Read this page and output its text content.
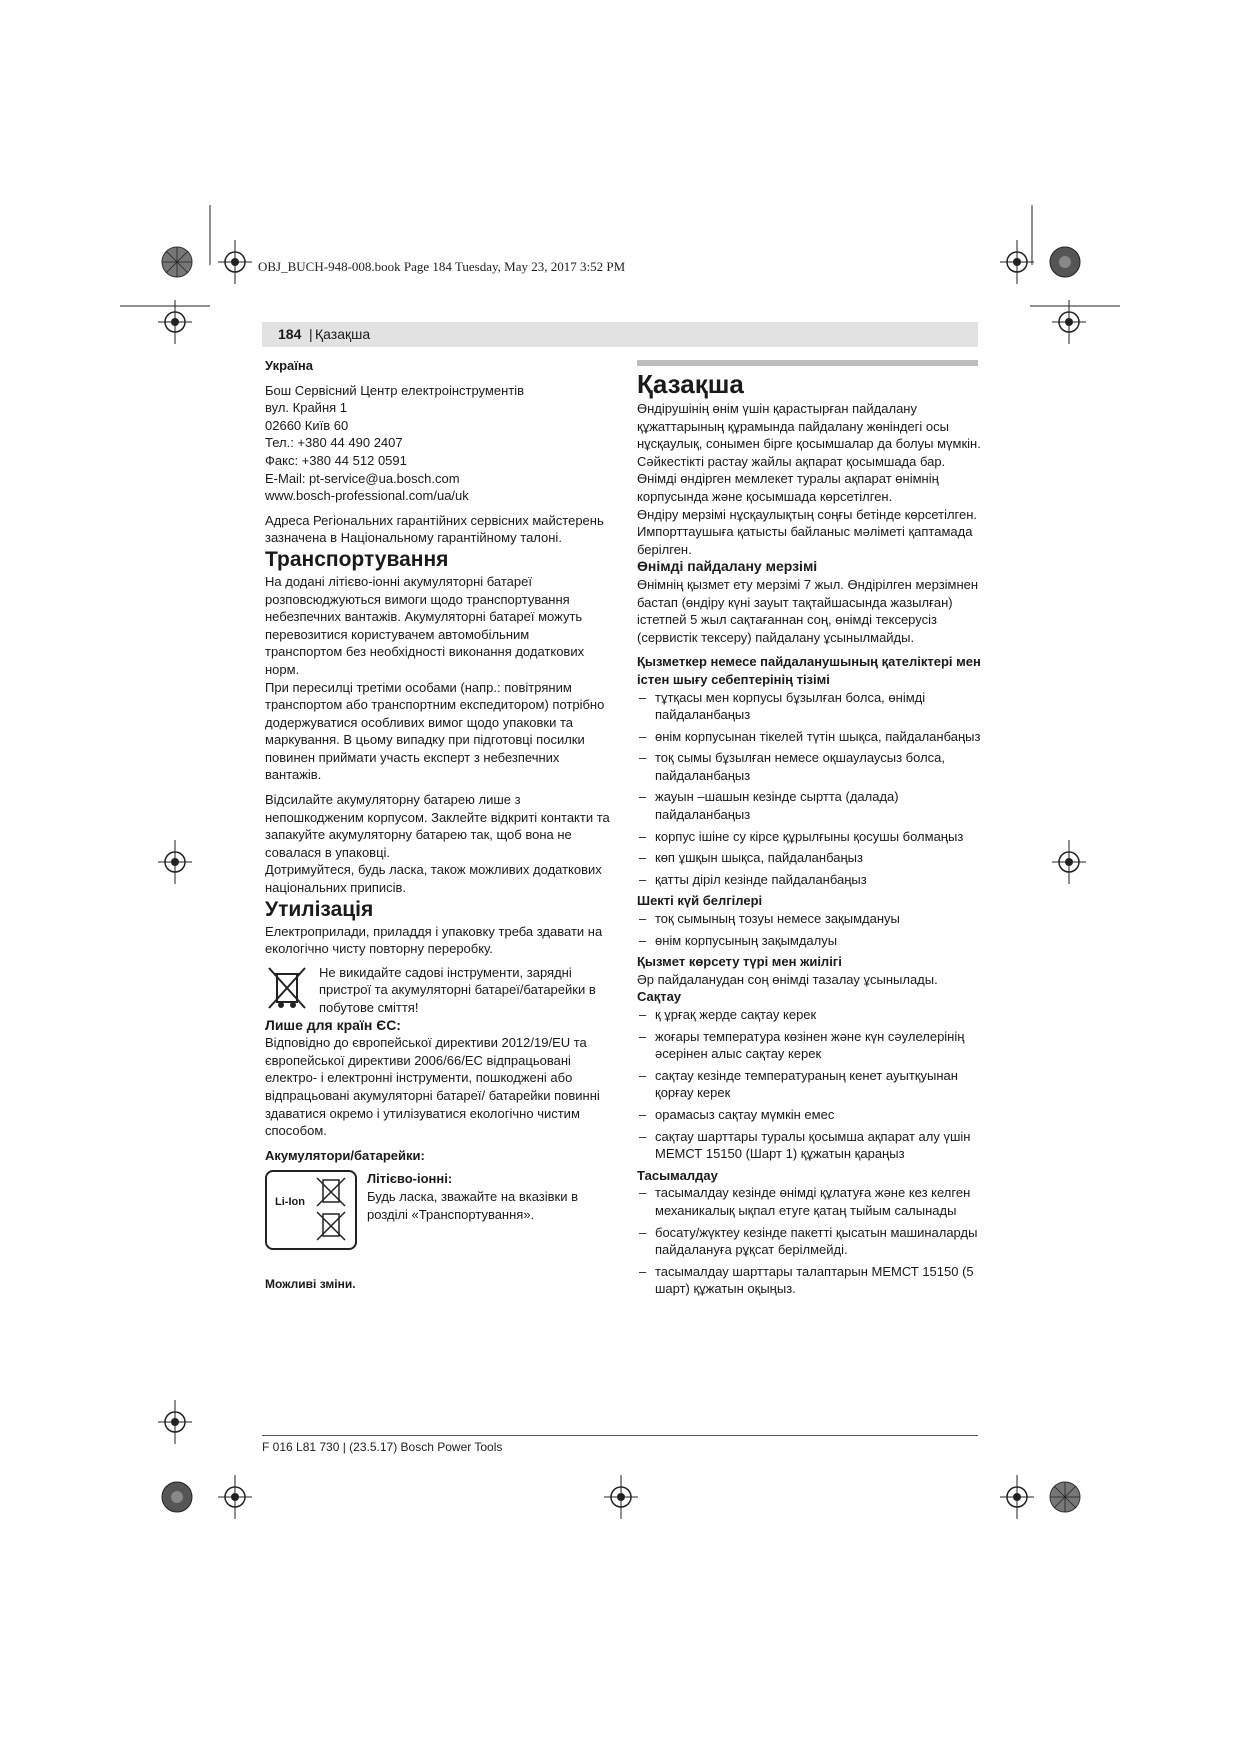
OBJ_BUCH-948-008.book Page 184 Tuesday, May 23, 2017 3:52 PM
184 | Қазақша

Україна

Бош Сервісний Центр електроінструментів

вул. Крайня 1

02660 Київ 60

Тел.: +380 44 490 2407

Факс: +380 44 512 0591

E-Mail: pt-service@ua.bosch.com

www.bosch-professional.com/ua/uk

Адреса Регіональних гарантійних сервісних майстерень зазначена в Національному гарантійному талоні.

Транспортування

На додані літієво-іонні акумуляторні батареї розповсюджуються вимоги щодо транспортування небезпечних вантажів. Акумуляторні батареї можуть перевозитися користувачем автомобільним транспортом без необхідності виконання додаткових норм.

При пересилці третіми особами (напр.: повітряним транспортом або транспортним експедитором) потрібно додержуватися особливих вимог щодо упаковки та маркування. В цьому випадку при підготовці посилки повинен приймати участь експерт з небезпечних вантажів.

Відсилайте акумуляторну батарею лише з непошкодженим корпусом. Заклейте відкриті контакти та запакуйте акумуляторну батарею так, щоб вона не совалася в упаковці.

Дотримуйтеся, будь ласка, також можливих додаткових національних приписів.

Утилізація

Електроприлади, приладдя і упаковку треба здавати на екологічно чисту повторну переробку.

Не викидайте садові інструменти, зарядні пристрої та акумуляторні батареї/батарейки в побутове сміття!

Лише для країн ЄС:

Відповідно до європейської директиви 2012/19/EU та європейської директиви 2006/66/EC відпрацьовані електро- і електронні інструменти, пошкоджені або відпрацьовані акумуляторні батареї/ батарейки повинні здаватися окремо і утилізуватися екологічно чистим способом.

Акумулятори/батарейки:

Li-Ion

Літієво-іонні:

Будь ласка, зважайте на вказівки в розділі «Транспортування».

Можливі зміни.

Қазақша

Өндірушінің өнім үшін қарастырған пайдалану құжаттарының құрамында пайдалану жөніндегі осы нұсқаулық, сонымен бірге қосымшалар да болуы мүмкін.

Сәйкестікті растау жайлы ақпарат қосымшада бар.

Өнімді өндірген мемлекет туралы ақпарат өнімнің корпусында және қосымшада көрсетілген.

Өндіру мерзімі нұсқаулықтың соңғы бетінде көрсетілген.

Импорттаушыға қатысты байланыс мәліметі қаптамада берілген.

Өнімді пайдалану мерзімі

Өнімнің қызмет ету мерзімі 7 жыл. Өндірілген мерзімнен бастап (өндіру күні зауыт тақтайшасында жазылған) істетпей 5 жыл сақтағаннан соң, өнімді тексерусіз (сервистік тексеру) пайдалану ұсынылмайды.

Қызметкер немесе пайдаланушының қателіктері мен істен шығу себептерінің тізімі

– тұтқасы мен корпусы бұзылған болса, өнімді пайдаланбаңыз
– өнім корпусынан тікелей түтін шықса, пайдаланбаңыз
– тоқ сымы бұзылған немесе оқшаулаусыз болса, пайдаланбаңыз
– жауын –шашын кезінде сыртта (далада) пайдаланбаңыз
– корпус ішіне су кірсе құрылғыны қосушы болмаңыз
– көп ұшқын шықса, пайдаланбаңыз
– қатты діріл кезінде пайдаланбаңыз

Шекті күй белгілері

– тоқ сымының тозуы немесе зақымдануы
– өнім корпусының зақымдалуы

Қызмет көрсету түрі мен жиілігі

Әр пайдаланудан соң өнімді тазалау ұсынылады.

Сақтау

– қ ұрғақ жерде сақтау керек
– жоғары температура көзінен және күн сәулелерінің әсерінен алыс сақтау керек
– сақтау кезінде температураның кенет ауытқуынан қорғау керек
– орамасыз сақтау мүмкін емес
– сақтау шарттары туралы қосымша ақпарат алу үшін МЕМСТ 15150 (Шарт 1) құжатын қараңыз

Тасымалдау

– тасымалдау кезінде өнімді құлатуға және кез келген механикалық ықпал етуге қатаң тыйым салынады
– босату/жүктеу кезінде пакетті қысатын машиналарды пайдалануға рұқсат берілмейді.
– тасымалдау шарттары талаптарын МЕМСТ 15150 (5 шарт) құжатын оқыңыз.
F 016 L81 730 | (23.5.17) Bosch Power Tools
